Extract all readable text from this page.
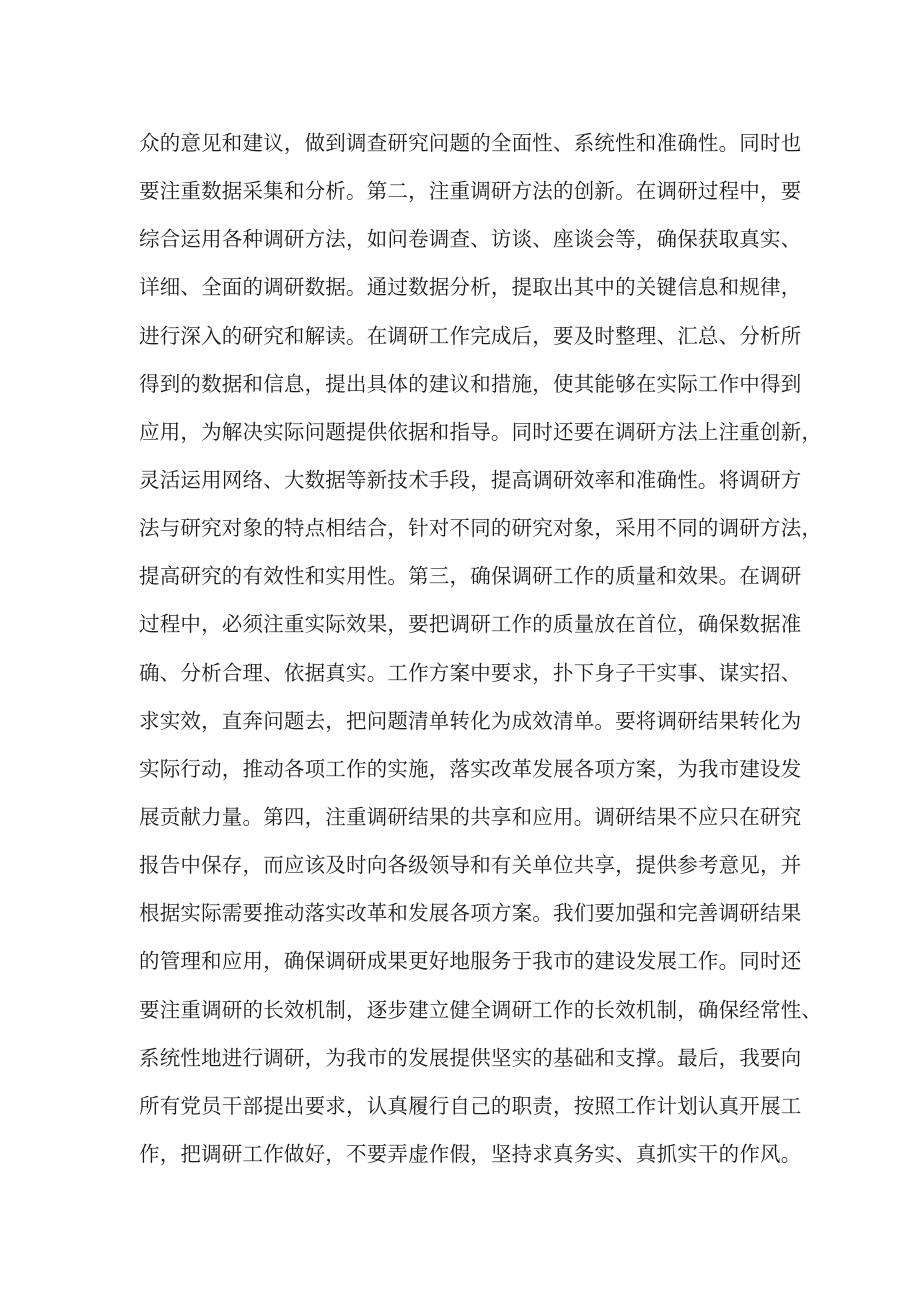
众的意见和建议，做到调查研究问题的全面性、系统性和准确性。同时也
要注重数据采集和分析。第二，注重调研方法的创新。在调研过程中，要
综合运用各种调研方法，如问卷调查、访谈、座谈会等，确保获取真实、
详细、全面的调研数据。通过数据分析，提取出其中的关键信息和规律，
进行深入的研究和解读。在调研工作完成后，要及时整理、汇总、分析所
得到的数据和信息，提出具体的建议和措施，使其能够在实际工作中得到
应用，为解决实际问题提供依据和指导。同时还要在调研方法上注重创新，
灵活运用网络、大数据等新技术手段，提高调研效率和准确性。将调研方
法与研究对象的特点相结合，针对不同的研究对象，采用不同的调研方法，
提高研究的有效性和实用性。第三，确保调研工作的质量和效果。在调研
过程中，必须注重实际效果，要把调研工作的质量放在首位，确保数据准
确、分析合理、依据真实。工作方案中要求，扑下身子干实事、谋实招、
求实效，直奔问题去，把问题清单转化为成效清单。要将调研结果转化为
实际行动，推动各项工作的实施，落实改革发展各项方案，为我市建设发
展贡献力量。第四，注重调研结果的共享和应用。调研结果不应只在研究
报告中保存，而应该及时向各级领导和有关单位共享，提供参考意见，并
根据实际需要推动落实改革和发展各项方案。我们要加强和完善调研结果
的管理和应用，确保调研成果更好地服务于我市的建设发展工作。同时还
要注重调研的长效机制，逐步建立健全调研工作的长效机制，确保经常性、
系统性地进行调研，为我市的发展提供坚实的基础和支撑。最后，我要向
所有党员干部提出要求，认真履行自己的职责，按照工作计划认真开展工
作，把调研工作做好，不要弄虚作假，坚持求真务实、真抓实干的作风。
